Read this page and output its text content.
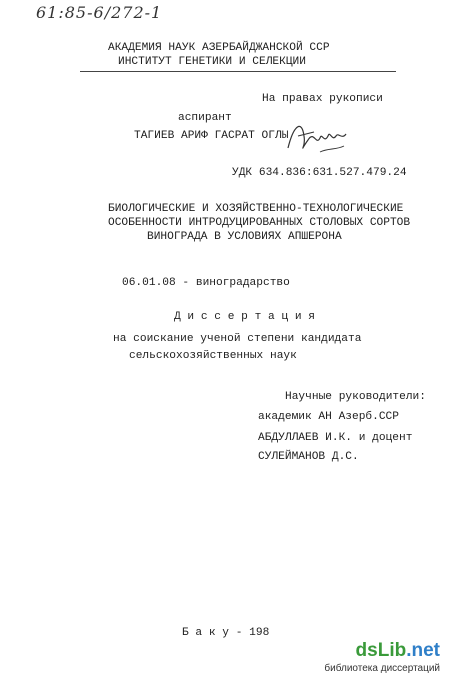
61:85-6/272-1
АКАДЕМИЯ НАУК АЗЕРБАЙДЖАНСКОЙ ССР
ИНСТИТУТ ГЕНЕТИКИ И СЕЛЕКЦИИ
На правах рукописи
аспирант
ТАГИЕВ АРИФ ГАСРАТ ОГЛЫ
УДК 634.836:631.527.479.24
БИОЛОГИЧЕСКИЕ И ХОЗЯЙСТВЕННО-ТЕХНОЛОГИЧЕСКИЕ
ОСОБЕННОСТИ ИНТРОДУЦИРОВАННЫХ СТОЛОВЫХ СОРТОВ
ВИНОГРАДА В УСЛОВИЯХ АПШЕРОНА
06.01.08 - виноградарство
Д и с с е р т а ц и я
на соискание ученой степени кандидата
сельскохозяйственных наук
Научные руководители:
академик АН Азерб.ССР
АБДУЛЛАЕВ И.К. и доцент
СУЛЕЙМАНОВ Д.С.
Б а к у - 198
dsLib.net
библиотека диссертаций
